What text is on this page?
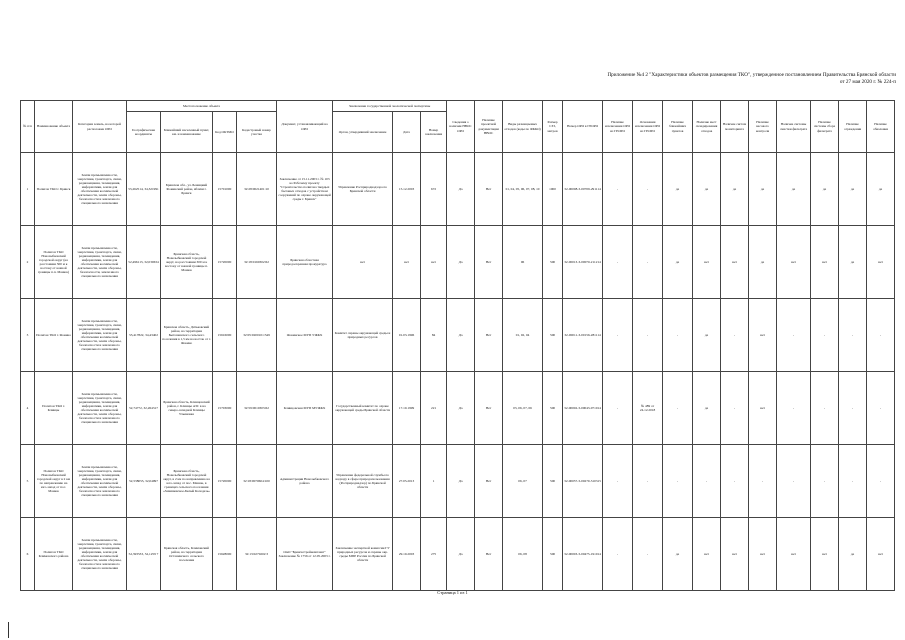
Приложение №4 2 "Характеристики объектов размещения ТКО", утвержденное постановлением Правительства Брянской области от 27 мая 2020 г. № 224-п
№ п/п	Наименование объекта	Категории земель, на которой расположен ОРО	Местоположение объекта				Документ, устанавливающий на ОРО	Заключение государственной экологической экспертизы			Сведения о наличии НВОС ОРО	Наличие проектной документации НВОС	Виды размещаемых отходов (коды по ФККО)	Размер СЗЗ, метров	Номер ОРО в ГРОРО	Наличие исключения ОРО из ГРОРО	Основания исключения ОРО из ГРОРО	Наличие ближайших пунктов	Наличие мест складирования отходов	Наличие систем мониторинга	Наличие весового контроля	Наличие системы очистки фильтрата	Наличие системы сбора фильтрата	Наличие ограждения	Наличие обваловки
			Географические координаты	Ближайший населенный пункт, км. и наименование	Код ОКТМО	Кадастровый номер участка		Орган, утвердивший заключение	Дата	Номер заключения															
1	Полигон ТКО г. Брянск	Земли промышленности, энергетики, транспорта, связи, радиовещания, телевидения, информатики, земли для обеспечения космической деятельности, земли обороны, безопасности и земли иного специального назначения	53,262514, 34,321991	Брянская обл., ул. Бежицкий Фокинский район, вблизи г. Брянск	15701000	32:28:0021401:10	Заключение от 15.11.2003 г. № 103 ко Рабочему проекту "Строительство полигона твердых бытовых отходов с устройством сооружений по охране окружающей среды г. Брянск"	Управление Росприроднадзора по Брянской области	15.12.2003	672	Да	Нет	01, 04, 05, 06, 07, 08, 10	1000	32-00008-3-00709-291114	-	-	да	да	да	да	да	да	да	да
2	Полигон ТКО Новозыбковский городской округ (на расстоянии 300 м к востоку от южной границы п.п. Манюк)	Земли промышленности, энергетики, транспорта, связи, радиовещания, телевидения, информатики, земли для обеспечения космической деятельности, земли обороны, безопасности, земли иного специального назначения	52,496113, 32,030634	Брянская область, Новозыбковский городской округ, на расстоянии 300 м к востоку от южной границы п. Манюк	15720000	32:18:0160302:62	Брянская областная природоохранная прокуратура	нет	нет	нет	Да	Нет	06	500	32-00013-З-00070-211214	-	-	да	нет	нет	да	нет	нет	да	нет
3	Полигон ТКО г. Фокино	Земли промышленности, энергетики, транспорта, связи, радиовещания, телевидения, информатики, земли для обеспечения космической деятельности, земли обороны, безопасности и земли иного специального назначения	53,417822, 34,43402	Брянская область, Дятьковский район, на территории Бытошевского сельского поселения в 1,5 км на восток от г. Фокино	15616000	32:05:0200101:349	Фокинское МУП УЖКХ	Комитет охраны окружающей среды и природных ресурсов	01.03.1996	84	Да	Нет	01, 02, 04	500	32-00011-З-00156-281114	-	-	-	да	-	нет	-	-	-	-
4	Полигон ТКО г. Клинцы	Земли промышленности, энергетики, транспорта, связи, радиовещания, телевидения, информатики, земли для обеспечения космической деятельности, земли обороны, безопасности и земли иного специального назначения	52,74772, 32,264317	Брянская область, Клинцовский район, г. Клинцы АЗС в на северо-западной Клинцы Ульяновка	15703000	32:59:0010303:62	Клинцовская МУП МУЖКХ	Государственный комитет по охране окружающей среды Брянской области	17.10.1999	221	Да	Нет	03, 06, 07, 06	500	32-00002-З-00043-071014	-	№ 489 от 24.12.2018	-	да	-	нет	-	-	-	-
5	Полигон ТКО Новозыбковский городской округ в 2 км по направлению на юго-запад от пос. Манюк	Земли промышленности, энергетики, транспорта, связи, радиовещания, телевидения, информатики, земли для обеспечения космической деятельности, земли обороны, безопасности и земли иного специального назначения	52,538053, 32,04997	Брянская область, Новозыбковский городской округ, в 2 км по направлению на юго-запад от пос. Манюк, в границах сельского поселения «Замишевское-Белый Колодезь»	15720000	32:18:0070604:100	Администрация Новозыбковского района	Управление федеральной службы по надзору в сфере природопользования (Росприроднадзор) по Брянской области	27.05.2013	1	Да	Нет	06, 07	500	32-00037-З-00270-310315	-	-	-	-	-	-	-	-	-	-
6	Полигон ТКО Климовского района	Земли промышленности, энергетики, транспорта, связи, радиовещания, телевидения, информатики, земли для обеспечения космической деятельности, земли обороны, безопасности и земли иного специального назначения	52,393533, 32,1259 7	Брянская область, Климовский район, на территории Останинского сельского поселения	15628000	32:13:0270202:3	ОАО "Брянскстройкомплект" Заключение № 1756 от 12.05.2003 г.	Заключение экспертной комиссии ГУ природных ресурсов и охраны окр. среды МПР России по Брянской области	29.10.2003	275	Да	Нет	06, 08	500	32-00003-З-00475-191014	-	-	да	нет	нет	нет	нет	нет	да	нет
Страница 1 из 1
